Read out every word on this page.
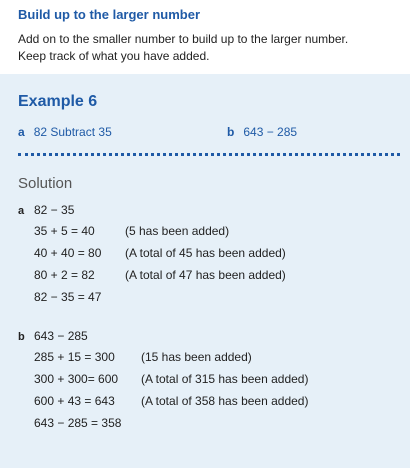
Build up to the larger number
Add on to the smaller number to build up to the larger number.
Keep track of what you have added.
Example 6
a 82 Subtract 35	b 643 − 285
Solution
a 82 − 35
35 + 5 = 40	(5 has been added)
40 + 40 = 80 (A total of 45 has been added)
80 + 2 = 82	(A total of 47 has been added)
82 − 35 = 47
b 643 − 285
285 + 15 = 300 (15 has been added)
300 + 300= 600 (A total of 315 has been added)
600 + 43 = 643 (A total of 358 has been added)
643 − 285 = 358
